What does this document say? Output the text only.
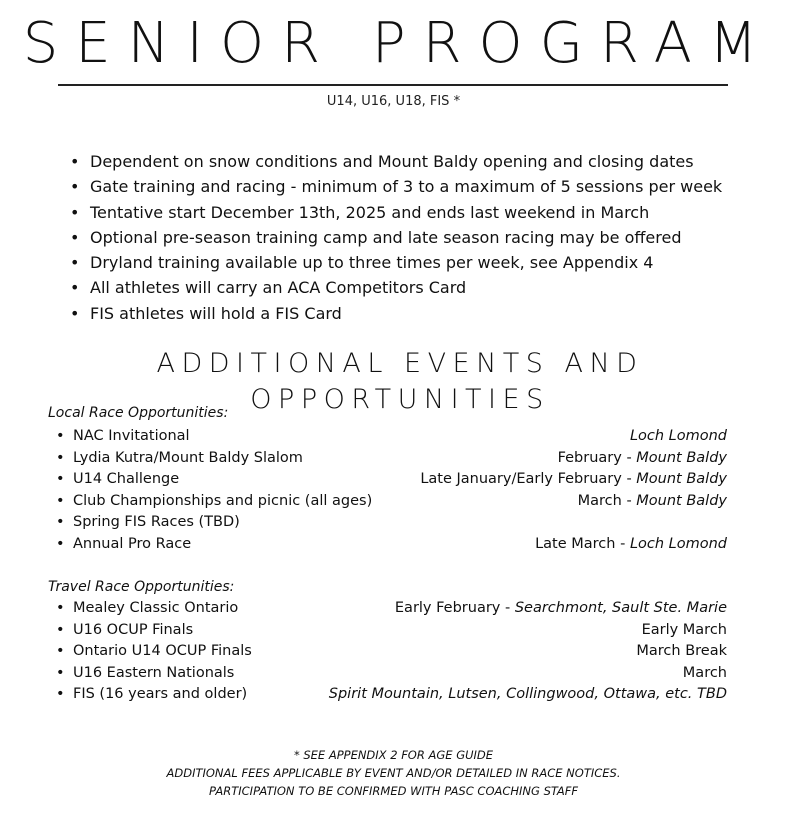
SENIOR PROGRAM
U14, U16, U18, FIS *
• Dependent on snow conditions and Mount Baldy opening and closing dates
• Gate training and racing - minimum of 3 to a maximum of 5 sessions per week
• Tentative start December 13th, 2025 and ends last weekend in March
• Optional pre-season training camp and late season racing may be offered
• Dryland training available up to three times per week, see Appendix 4
• All athletes will carry an ACA Competitors Card
• FIS athletes will hold a FIS Card
ADDITIONAL EVENTS AND OPPORTUNITIES
Local Race Opportunities:
• NAC Invitational	Loch Lomond
• Lydia Kutra/Mount Baldy Slalom	February - Mount Baldy
• U14 Challenge	Late January/Early February - Mount Baldy
• Club Championships and picnic (all ages)	March - Mount Baldy
• Spring FIS Races (TBD)
• Annual Pro Race	Late March - Loch Lomond
Travel Race Opportunities:
• Mealey Classic Ontario	Early February - Searchmont, Sault Ste. Marie
• U16 OCUP Finals	Early March
• Ontario U14 OCUP Finals	March Break
• U16 Eastern Nationals	March
• FIS (16 years and older)	Spirit Mountain, Lutsen, Collingwood, Ottawa, etc. TBD
* SEE APPENDIX 2 FOR AGE GUIDE
ADDITIONAL FEES APPLICABLE BY EVENT AND/OR DETAILED IN RACE NOTICES.
PARTICIPATION TO BE CONFIRMED WITH PASC COACHING STAFF
